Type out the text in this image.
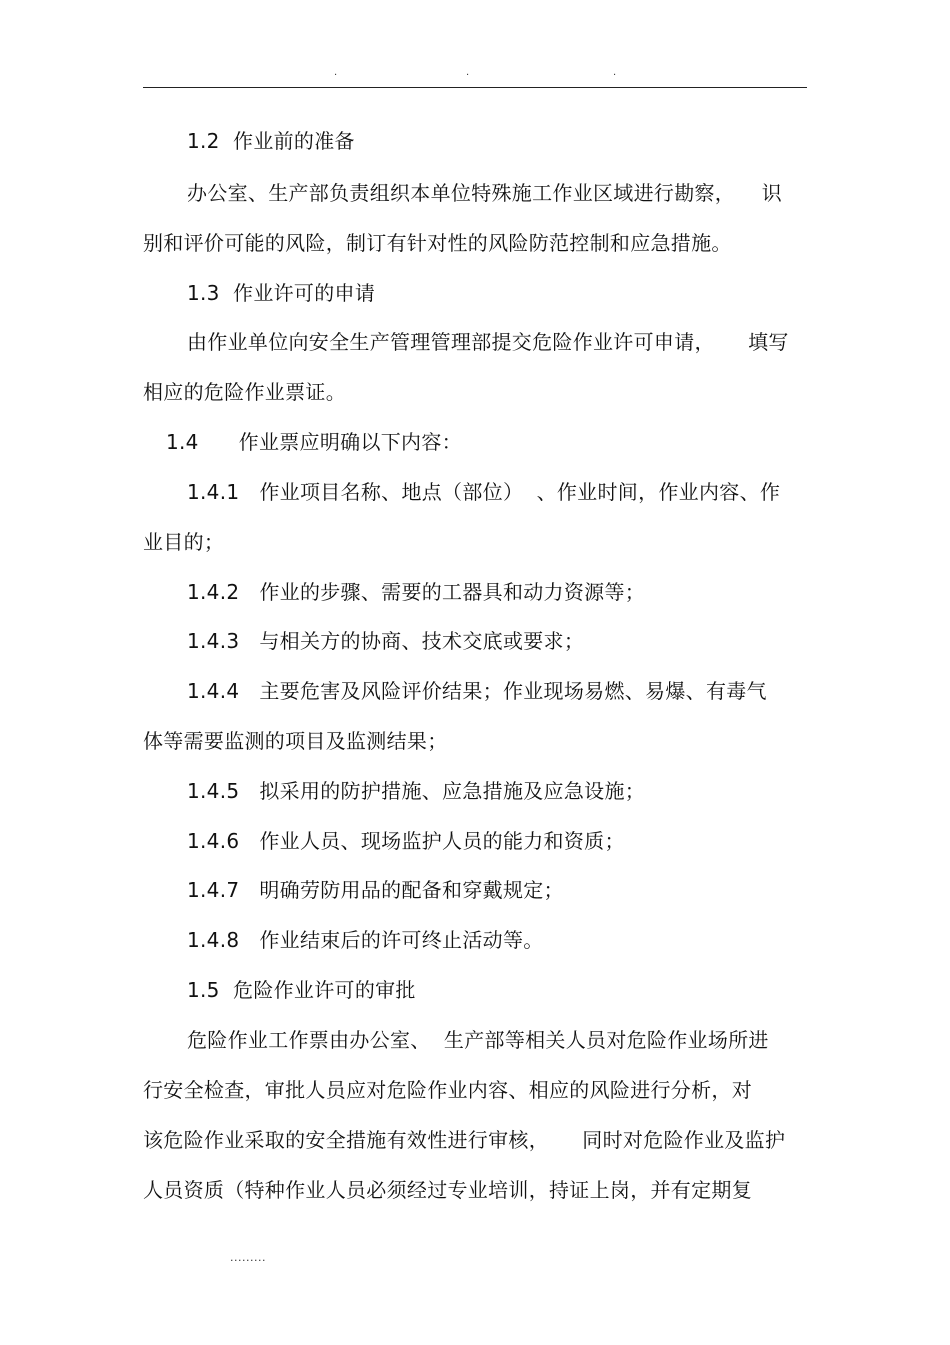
.	.	.
1.2  作业前的准备
办公室、生产部负责组织本单位特殊施工作业区域进行勘察，    识
别和评价可能的风险，制订有针对性的风险防范控制和应急措施。
1.3  作业许可的申请
由作业单位向安全生产管理管理部提交危险作业许可申请，     填写
相应的危险作业票证。
1.4      作业票应明确以下内容：
1.4.1   作业项目名称、地点（部位）  、作业时间，作业内容、作
业目的；
1.4.2   作业的步骤、需要的工器具和动力资源等；
1.4.3   与相关方的协商、技术交底或要求；
1.4.4   主要危害及风险评价结果；作业现场易燃、易爆、有毒气
体等需要监测的项目及监测结果；
1.4.5   拟采用的防护措施、应急措施及应急设施；
1.4.6   作业人员、现场监护人员的能力和资质；
1.4.7   明确劳防用品的配备和穿戴规定；
1.4.8   作业结束后的许可终止活动等。
1.5  危险作业许可的审批
危险作业工作票由办公室、  生产部等相关人员对危险作业场所进
行安全检查，审批人员应对危险作业内容、相应的风险进行分析，对
该危险作业采取的安全措施有效性进行审核，     同时对危险作业及监护
人员资质（特种作业人员必须经过专业培训，持证上岗，并有定期复
.........
